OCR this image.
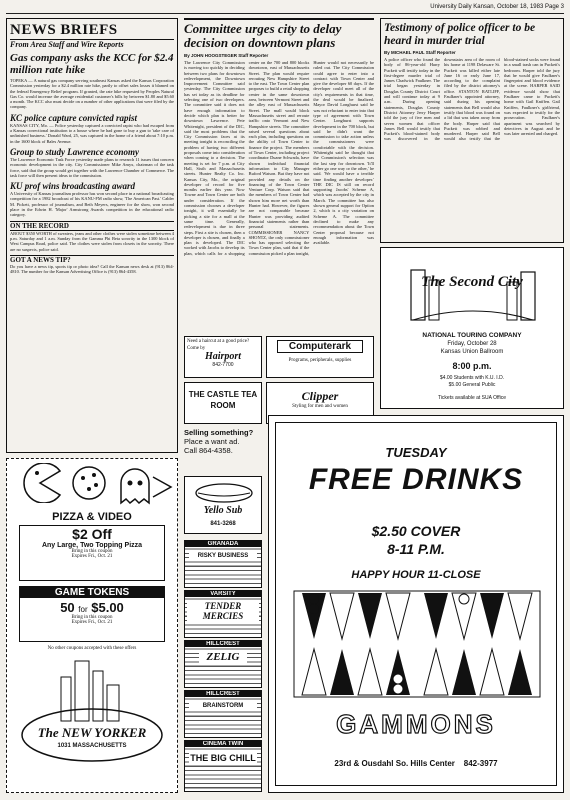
University Daily Kansan, October 18, 1983 Page 3
NEWS BRIEFS
From Area Staff and Wire Reports
Gas company asks the KCC for $2.4 million rate hike
TOPEKA — A natural gas company serving southeast Kansas asked the Kansas Corporation Commission yesterday for a $2.4 million rate hike, partly to offset sales losses it blamed on the federal Emergency Relief program. If granted, the rate hike requested by Peoples Natural Gas Co. would increase the average residential customer's bills by between $1.80 and $5.60 a month. The KCC also must decide on a number of other applications that were filed by the company.
KC police capture convicted rapist
KANSAS CITY, Mo. — Police yesterday captured a convicted rapist who had escaped from a Kansas correctional institution to a house where he had gone to buy a gun to 'take care of unfinished business.' Donald Ward, 25, was captured in the home of a friend about 7:10 p.m. in the 1600 block of Bales Avenue.
Group to study Lawrence economy
The Lawrence Economic Task Force yesterday made plans to research 11 issues that concern economic development in the city. City Commissioner Mike Amyx, chairman of the task force, said that the group would get together with the Lawrence Chamber of Commerce. The task force will then present ideas to the commission.
KU prof wins broadcasting award
A University of Kansas journalism professor has won second place in a national broadcasting competition for a 1982 broadcast of his KANU-FM radio show, 'The American Past.' Calder M. Pickett, professor of journalism, and Beth Meyers, engineer for the show, won second place in the Edwin H. 'Major' Armstrong Awards competition in the educational radio category.
ON THE RECORD
ABOUT $350 WORTH of sweaters, jeans and other clothes were stolen sometime between 4 p.m. Saturday and 1 a.m. Sunday from the Gamma Phi Beta sorority in the 1300 block of West Campus Road, police said. The clothes were stolen from closets in the sorority. There are no suspects, police said.
GOT A NEWS TIP?
Do you have a news tip, sports tip or photo idea? Call the Kansan news desk at (913) 864-4810. The number for the Kansan Advertising Office is (913) 864-4358.
PIZZA & VIDEO
$2 Off
Any Large, Two Topping Pizza
Bring in this coupon
Expires Fri., Oct. 21
GAME TOKENS
50 for $5.00
Bring in this coupon
Expires Fri., Oct. 21
No other coupons accepted with these offers
The NEW YORKER
1031 MASSACHUSETTS
Committee urges city to delay decision on downtown plans
By JOHN HOOGSTEGER Staff Reporter
The Lawrence City Commission is moving too quickly in deciding between two plans for downtown redevelopment, the Downtown Improvement Committee said yesterday. The City Commission has set today as its deadline for selecting one of two developers. The committee said it does not have enough information to decide which plan is better for downtown Lawrence. Pete Whitenight, president of the DIC, said the most problems that the City Commission faces at its meeting tonight is reconciling the problem of having two different proposals come into consideration when coming to a decision. The meeting is set for 7 p.m. at City Hall, Sixth and Massachusetts streets. Hunter Realty Co. Inc. Kansas City, Mo., the original developer of record for five months earlier this year. Now Towne and Town Center are both under consideration. If the commission chooses a developer tonight, it will essentially be picking a site for a mall at the same time. Generally, redevelopment is due in three steps. First a site is chosen, then a developer is chosen, and finally a plan is developed. The DIC worked with Jacobs to develop its plan, which calls for a shopping center on the 700 and 800 blocks downtown, east of Massachusetts Street. The plan would require rerouting New Hampshire Street to the east. The Town Center plan proposes to build a retail shopping center in the same downtown area, between Vermont Street and the alley east of Massachusetts Street. The mall would block Massachusetts street and reroute traffic onto Vermont and New Hampshire streets. The committee raised several questions about each plan, including questions on the ability of Town Center to finance the project. The members of Town Center, including project coordinator Duane Schwada, have shown individual financial information to City Manager Buford Watson. But they have not provided any details on the financing of the Town Center Venture Corp. Watson said that the members of Town Center had shown him more net worth than Hunter had. However, the figures are not comparable because Hunter was providing audited financial statements rather than personal statements. COMMISSIONER NANCY SHONTZ, the only commissioner who has opposed selecting the Town Center plan, said that if the commission picked a plan tonight, Hunter would not necessarily be ruled out. The City Commission could agree to enter into a contract with Town Center and give the developer 60 days. If the developer could meet all of the city's requirements in that time, the deal would be finalized. Mayor David Longhurst said he was not reluctant to enter into that type of agreement with Town Center. Longhurst supports development in the 700 block, but said he didn't want the commission to take action unless the commissioners were comfortable with the decision. Whitenight said he thought that the Commission's selection was the last step for downtown. 'It'll either go one way or the other,' he said. 'We would have a terrible time finding another developer.' THE DIC IS still on record supporting Jacobs' Scheme A, which was accepted by the city in March. The committee has also shown general support for Option 2, which is a city variation on Scheme A. The committee declined to make any recommendation about the Town Center proposal because not enough information was available.
Testimony of police officer to be heard in murder trial
By MICHAEL PAUL Staff Reporter
A police officer who found the body of 86-year-old Harry Puckett will testify today in the first-degree murder trial of James Chadwick Faulkner. The trial began yesterday in Douglas County District Court and will continue today at 9 a.m. During opening statements, Douglas County District Attorney Jerry Harper told the jury of five men and seven women that officer James Bell would testify that Puckett's blood-stained body was discovered in the downstairs area of the room of his home at 1198 Delaware St. Puckett was killed either late June 16 or early June 17, according to the complaint filed by the district attorney's office. STANTON RATLIFF, Faulkner's appointed attorney, said during his opening statements that Bell would also testify that blood was found on a lid that was taken away from the body. Harper said that Puckett was robbed and murdered. Harper said Bell would also testify that the blood-stained socks were found in a small trash can in Puckett's bedroom. Harper told the jury that he would give Faulkner's fingerprint and blood evidence at the scene. HARPER SAID evidence would show that Faulkner came to Puckett's home with Gail Kniffen. Gail Kniffen, Faulkner's girlfriend, was expected to testify for the prosecution. Faulkner's apartment was searched by detectives in August and he was later arrested and charged.
The Second City
NATIONAL TOURING COMPANY
Friday, October 28
Kansas Union Ballroom
8:00 p.m.
$4.00 Students with K.U. I.D.
$5.00 General Public
Tickets available at SUA Office
Need a haircut at a good price?
Come by
Hairport
842-7700
Computerark
Programs, peripherals, supplies
THE CASTLE TEA ROOM
Clipper
Styling for men and women
Selling something?
Place a want ad.
Call 864-4358.
Yello Sub
841-3268
GRANADA
RISKY BUSINESS
VARSITY
TENDER MERCIES
HILLCREST
ZELIG
HILLCREST
BRAINSTORM
CINEMA TWIN
THE BIG CHILL
TUESDAY
FREE DRINKS
$2.50 COVER
8-11 P.M.
HAPPY HOUR 11-CLOSE
GAMMONS
23rd & Ousdahl So. Hills Center 842-3977
